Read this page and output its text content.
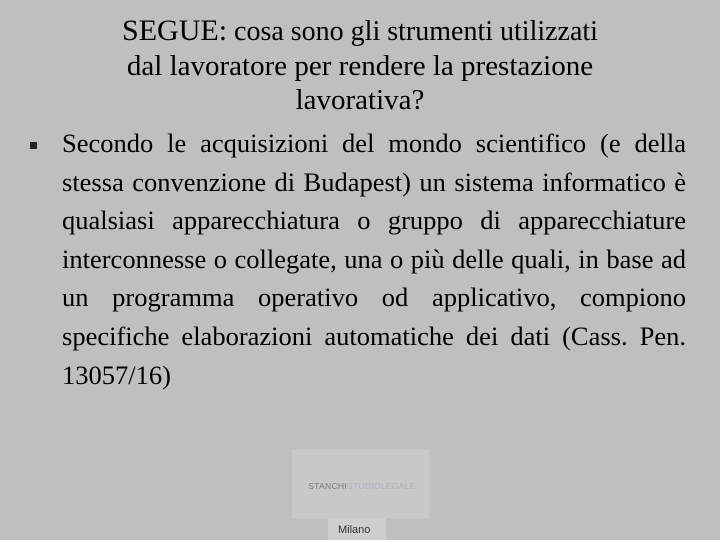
SEGUE: cosa sono gli strumenti utilizzati
dal lavoratore per rendere la prestazione
lavorativa?
Secondo le acquisizioni del mondo scientifico (e della stessa convenzione di Budapest) un sistema informatico è qualsiasi apparecchiatura o gruppo di apparecchiature interconnesse o collegate, una o più delle quali, in base ad un programma operativo od applicativo, compiono specifiche elaborazioni automatiche dei dati (Cass. Pen. 13057/16)
STANCHISTUDIOLEGALE
Milano
